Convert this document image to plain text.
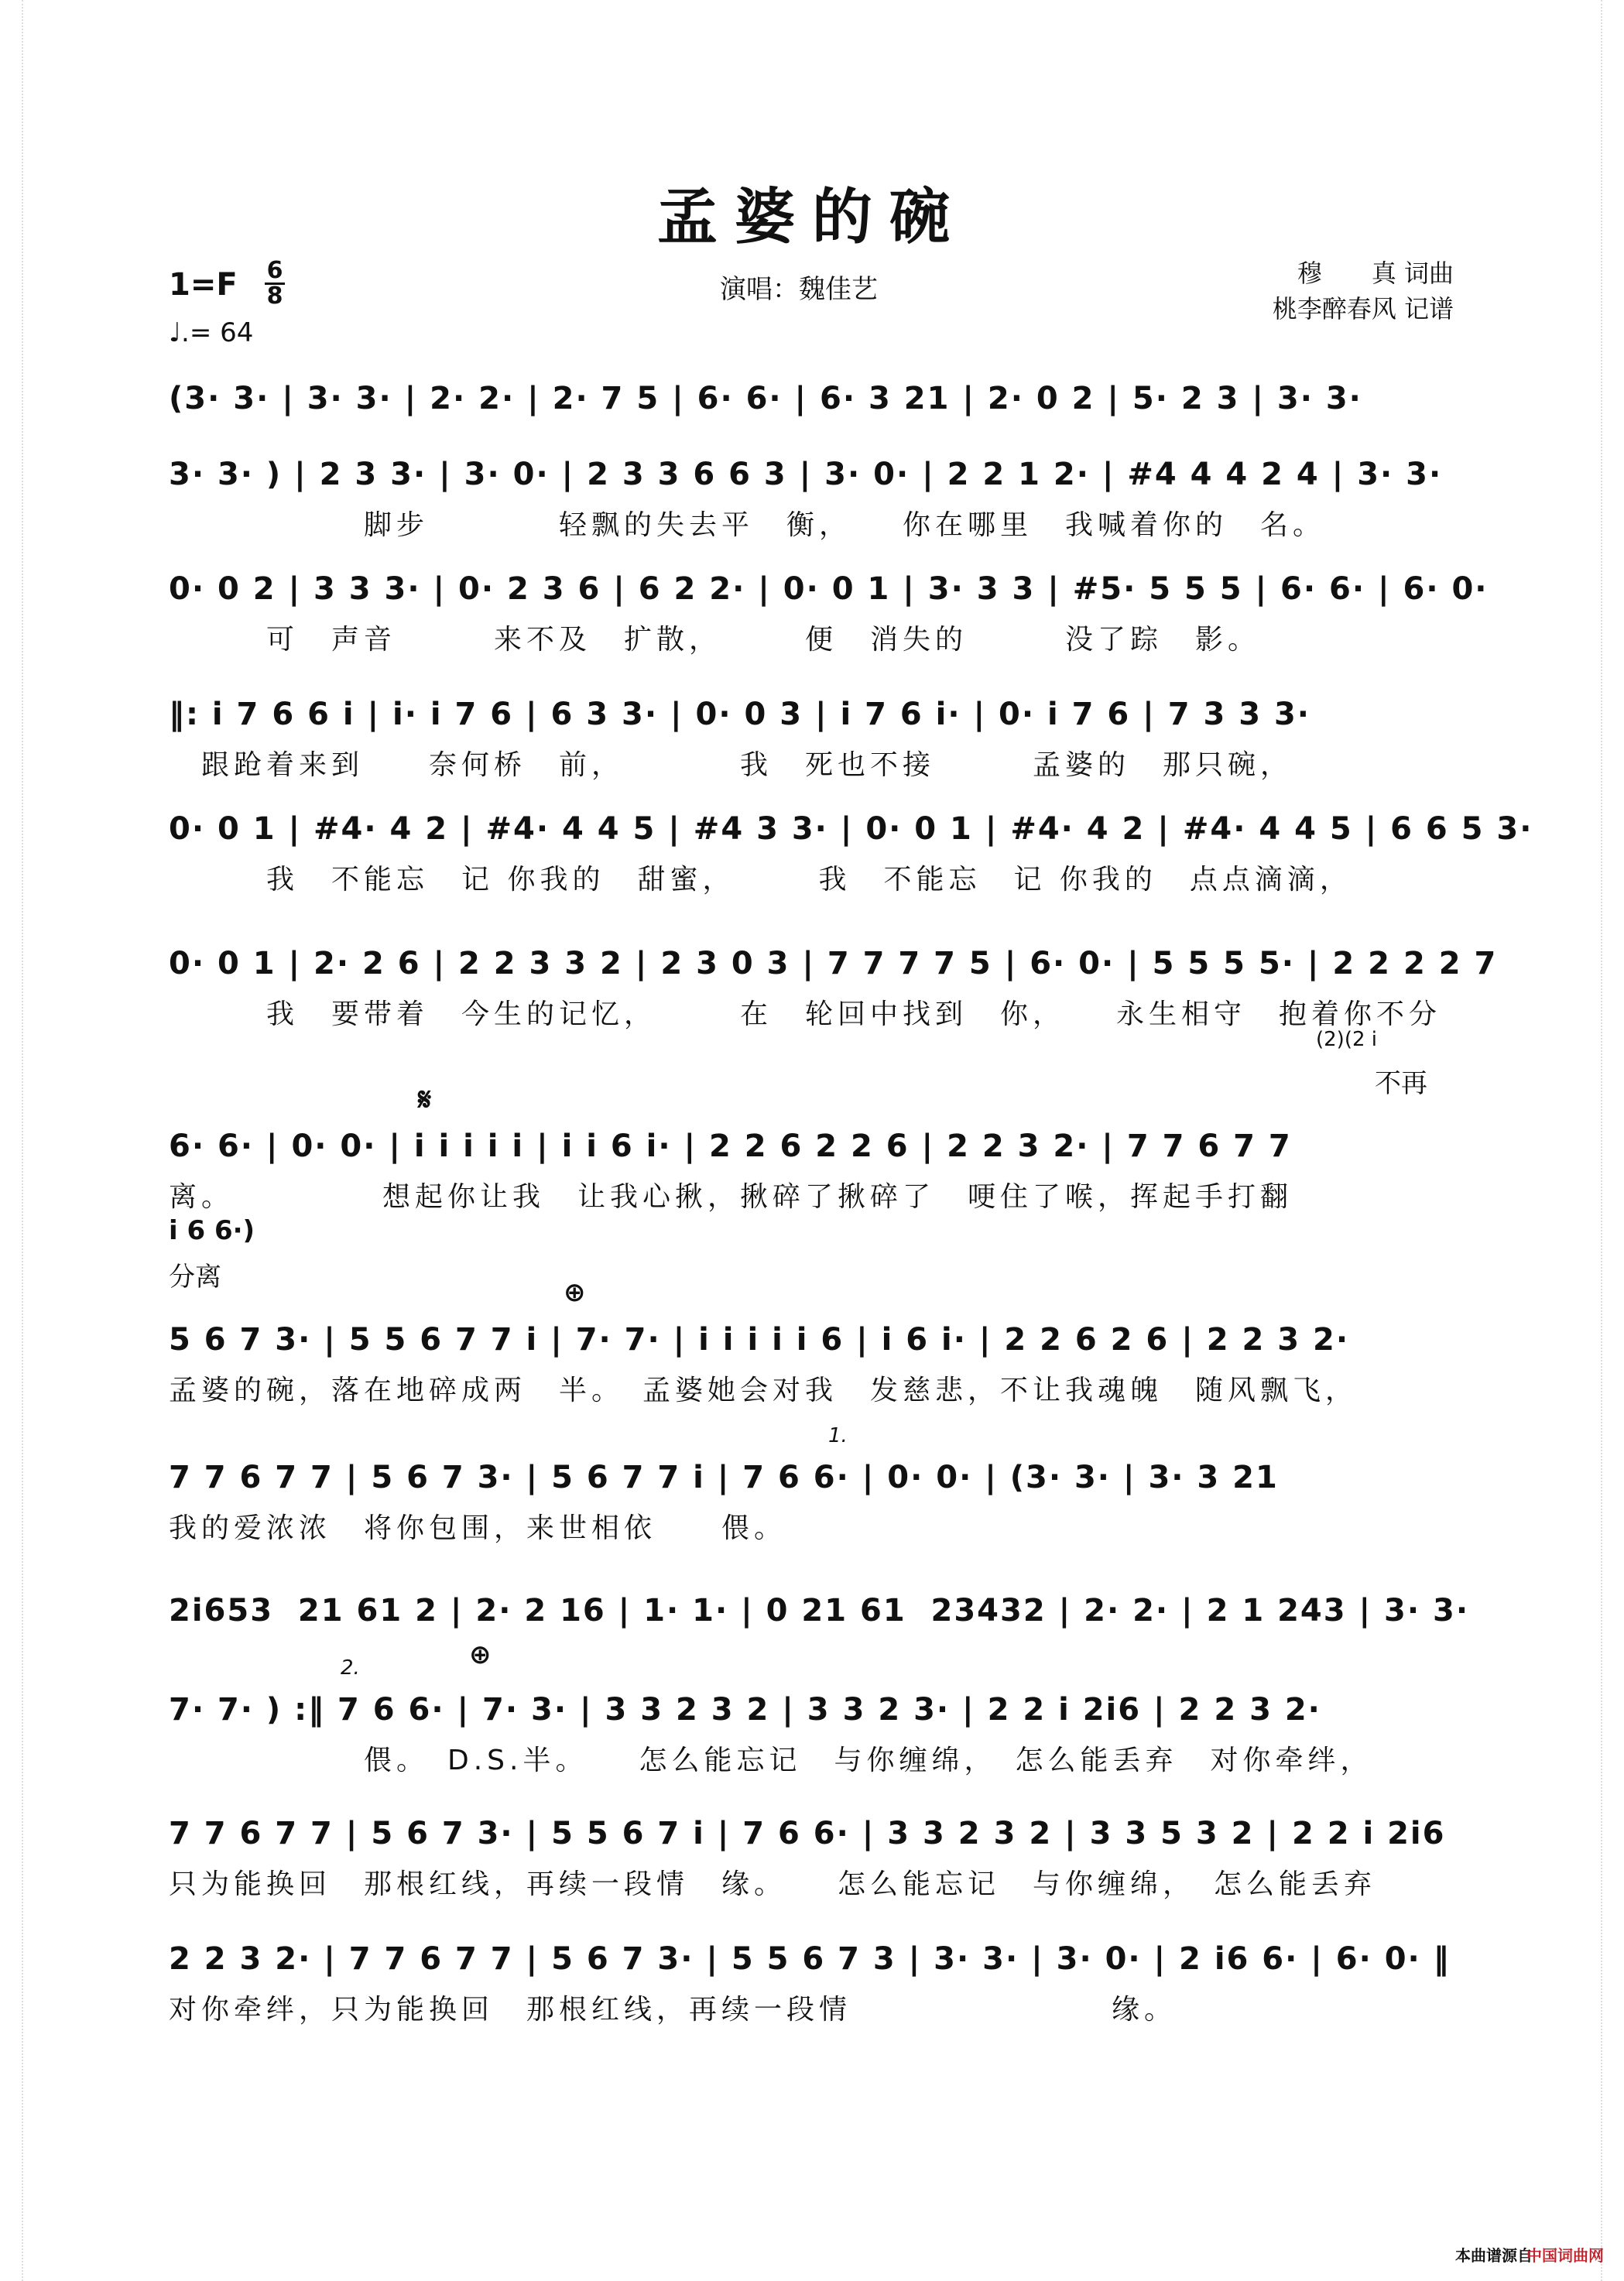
孟婆的碗
1=F 6
8
♩.= 64
演唱：魏佳艺
穆　　真 词曲
桃李醉春风 记谱
(3· 3· | 3· 3· | 2· 2· | 2· 7 5 | 6· 6· | 6· 3 21 | 2· 0 2 | 5· 2 3 | 3· 3·
3· 3· ) | 2 3 3· | 3· 0· | 2 3 3 6 6 3 | 3· 0· | 2 2 1 2· | #4 4 4 2 4 | 3· 3·
　　　　　　脚步　　　　轻飘的失去平　衡，　　你在哪里　我喊着你的　名。
0· 0 2 | 3 3 3· | 0· 2 3 6 | 6 2 2· | 0· 0 1 | 3· 3 3 | #5· 5 5 5 | 6· 6· | 6· 0·
　　　可　声音　　　来不及　扩散，　　　便　消失的　　　没了踪　影。
‖: i 7 6 6 i | i· i 7 6 | 6 3 3· | 0· 0 3 | i 7 6 i· | 0· i 7 6 | 7 3 3 3·
　跟跄着来到　　奈何桥　前，　　　　我　死也不接　　　孟婆的　那只碗，
0· 0 1 | #4· 4 2 | #4· 4 4 5 | #4 3 3· | 0· 0 1 | #4· 4 2 | #4· 4 4 5 | 6 6 5 3·
　　　我　不能忘　记 你我的　甜蜜，　　　我　不能忘　记 你我的　点点滴滴，
0· 0 1 | 2· 2 6 | 2 2 3 3 2 | 2 3 0 3 | 7 7 7 7 5 | 6· 0· | 5 5 5 5· | 2 2 2 2 7
　　　我　要带着　今生的记忆，　　　在　轮回中找到　你，　　永生相守　抱着你不分
(2)(2 i
不再
𝄋
6· 6· | 0· 0· | i i i i i | i i 6 i· | 2 2 6 2 2 6 | 2 2 3 2· | 7 7 6 7 7
离。　　　　　想起你让我　让我心揪，揪碎了揪碎了　哽住了喉，挥起手打翻
i 6 6·)
分离	⊕
5 6 7 3· | 5 5 6 7 7 i | 7· 7· | i i i i i 6 | i 6 i· | 2 2 6 2 6 | 2 2 3 2·
孟婆的碗，落在地碎成两　半。　孟婆她会对我　发慈悲，不让我魂魄　随风飘飞，
1.
7 7 6 7 7 | 5 6 7 3· | 5 6 7 7 i | 7 6 6· | 0· 0· | (3· 3· | 3· 3 21
我的爱浓浓　将你包围，来世相依　　偎。
2i653  21 61 2 | 2· 2 16 | 1· 1· | 0 21 61  23432 | 2· 2· | 2 1 243 | 3· 3·
2.	⊕
7· 7· ) :‖ 7 6 6· | 7· 3· | 3 3 2 3 2 | 3 3 2 3· | 2 2 i 2i6 | 2 2 3 2·
　　　　　　偎。　D.S.半。　　怎么能忘记　与你缠绵，　怎么能丢弃　对你牵绊，
7 7 6 7 7 | 5 6 7 3· | 5 5 6 7 i | 7 6 6· | 3 3 2 3 2 | 3 3 5 3 2 | 2 2 i 2i6
只为能换回　那根红线，再续一段情　缘。　　怎么能忘记　与你缠绵，　怎么能丢弃
2 2 3 2· | 7 7 6 7 7 | 5 6 7 3· | 5 5 6 7 3 | 3· 3· | 3· 0· | 2 i6 6· | 6· 0· ‖
对你牵绊，只为能换回　那根红线，再续一段情　　　　　　　　缘。
本曲谱源自
中国词曲网
